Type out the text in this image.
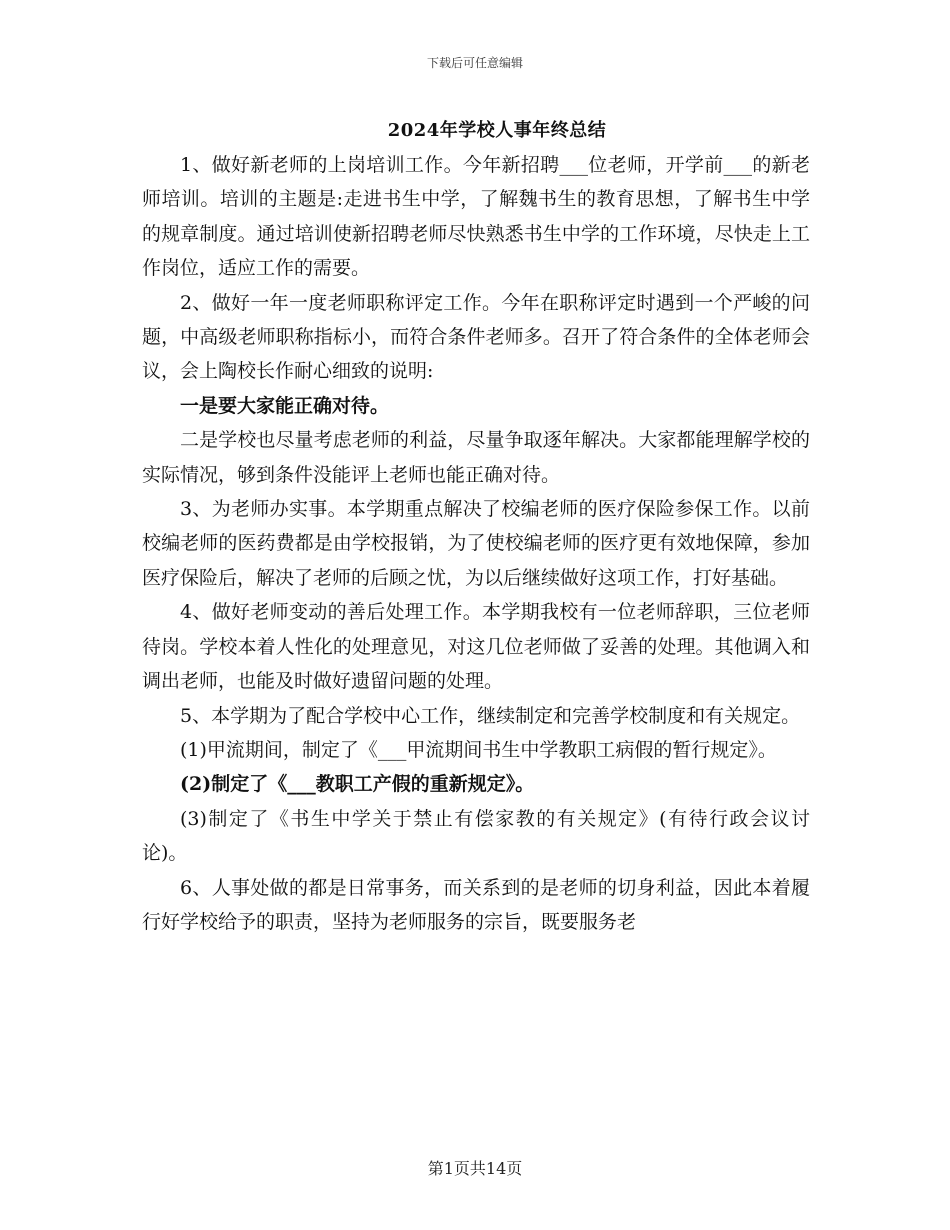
下载后可任意编辑
2024年学校人事年终总结

1、做好新老师的上岗培训工作。今年新招聘___位老师，开学前___的新老师培训。培训的主题是:走进书生中学，了解魏书生的教育思想，了解书生中学的规章制度。通过培训使新招聘老师尽快熟悉书生中学的工作环境，尽快走上工作岗位，适应工作的需要。

2、做好一年一度老师职称评定工作。今年在职称评定时遇到一个严峻的问题，中高级老师职称指标小，而符合条件老师多。召开了符合条件的全体老师会议，会上陶校长作耐心细致的说明:

一是要大家能正确对待。

二是学校也尽量考虑老师的利益，尽量争取逐年解决。大家都能理解学校的实际情况，够到条件没能评上老师也能正确对待。

3、为老师办实事。本学期重点解决了校编老师的医疗保险参保工作。以前校编老师的医药费都是由学校报销，为了使校编老师的医疗更有效地保障，参加医疗保险后，解决了老师的后顾之忧，为以后继续做好这项工作，打好基础。

4、做好老师变动的善后处理工作。本学期我校有一位老师辞职，三位老师待岗。学校本着人性化的处理意见，对这几位老师做了妥善的处理。其他调入和调出老师，也能及时做好遗留问题的处理。

5、本学期为了配合学校中心工作，继续制定和完善学校制度和有关规定。

(1)甲流期间，制定了《___甲流期间书生中学教职工病假的暂行规定》。

(2)制定了《___教职工产假的重新规定》。

(3)制定了《书生中学关于禁止有偿家教的有关规定》(有待行政会议讨论)。

6、人事处做的都是日常事务，而关系到的是老师的切身利益，因此本着履行好学校给予的职责，坚持为老师服务的宗旨，既要服务老

第1页共14页
